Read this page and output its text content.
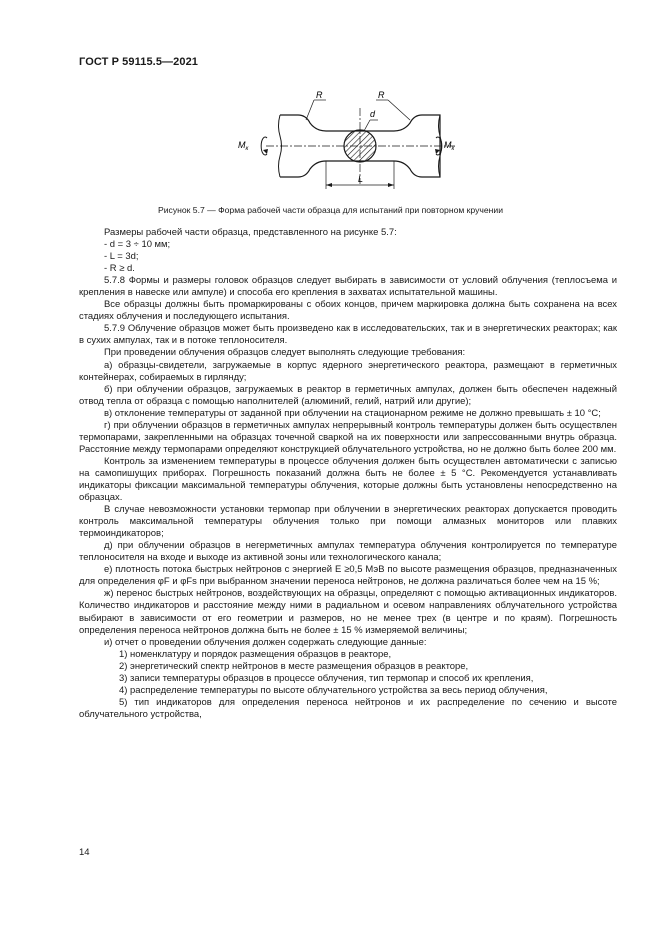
ГОСТ Р 59115.5—2021
R	R
d
L
$M_к$	$M_к$
Рисунок 5.7 — Форма рабочей части образца для испытаний при повторном кручении

Размеры рабочей части образца, представленного на рисунке 5.7:

- d = 3 ÷ 10 мм;

- L = 3d;

- R ≥ d.

5.7.8 Формы и размеры головок образцов следует выбирать в зависимости от условий облучения (теплосъема и крепления в навеске или ампуле) и способа его крепления в захватах испытательной машины.

Все образцы должны быть промаркированы с обоих концов, причем маркировка должна быть сохранена на всех стадиях облучения и последующего испытания.

5.7.9 Облучение образцов может быть произведено как в исследовательских, так и в энергетических реакторах; как в сухих ампулах, так и в потоке теплоносителя.

При проведении облучения образцов следует выполнять следующие требования:

а) образцы-свидетели, загружаемые в корпус ядерного энергетического реактора, размещают в герметичных контейнерах, собираемых в гирлянду;

б) при облучении образцов, загружаемых в реактор в герметичных ампулах, должен быть обеспечен надежный отвод тепла от образца с помощью наполнителей (алюминий, гелий, натрий или другие);

в) отклонение температуры от заданной при облучении на стационарном режиме не должно превышать ± 10 °С;

г) при облучении образцов в герметичных ампулах непрерывный контроль температуры должен быть осуществлен термопарами, закрепленными на образцах точечной сваркой на их поверхности или запрессованными внутрь образца. Расстояние между термопарами определяют конструкцией облучательного устройства, но не должно быть более 200 мм.

Контроль за изменением температуры в процессе облучения должен быть осуществлен автоматически с записью на самопишущих приборах. Погрешность показаний должна быть не более ± 5 °С. Рекомендуется устанавливать индикаторы фиксации максимальной температуры облучения, которые должны быть установлены непосредственно на образцах.

В случае невозможности установки термопар при облучении в энергетических реакторах допускается проводить контроль максимальной температуры облучения только при помощи алмазных мониторов или плавких термоиндикаторов;

д) при облучении образцов в негерметичных ампулах температура облучения контролируется по температуре теплоносителя на входе и выходе из активной зоны или технологического канала;

е) плотность потока быстрых нейтронов с энергией E ≥0,5 МэВ по высоте размещения образцов, предназначенных для определения φF и φFs при выбранном значении переноса нейтронов, не должна различаться более чем на 15 %;

ж) перенос быстрых нейтронов, воздействующих на образцы, определяют с помощью активационных индикаторов. Количество индикаторов и расстояние между ними в радиальном и осевом направлениях облучательного устройства выбирают в зависимости от его геометрии и размеров, но не менее трех (в центре и по краям). Погрешность определения переноса нейтронов должна быть не более ± 15 % измеряемой величины;

и) отчет о проведении облучения должен содержать следующие данные:

1) номенклатуру и порядок размещения образцов в реакторе,

2) энергетический спектр нейтронов в месте размещения образцов в реакторе,

3) записи температуры образцов в процессе облучения, тип термопар и способ их крепления,

4) распределение температуры по высоте облучательного устройства за весь период облучения,

5) тип индикаторов для определения переноса нейтронов и их распределение по сечению и высоте облучательного устройства,

14
